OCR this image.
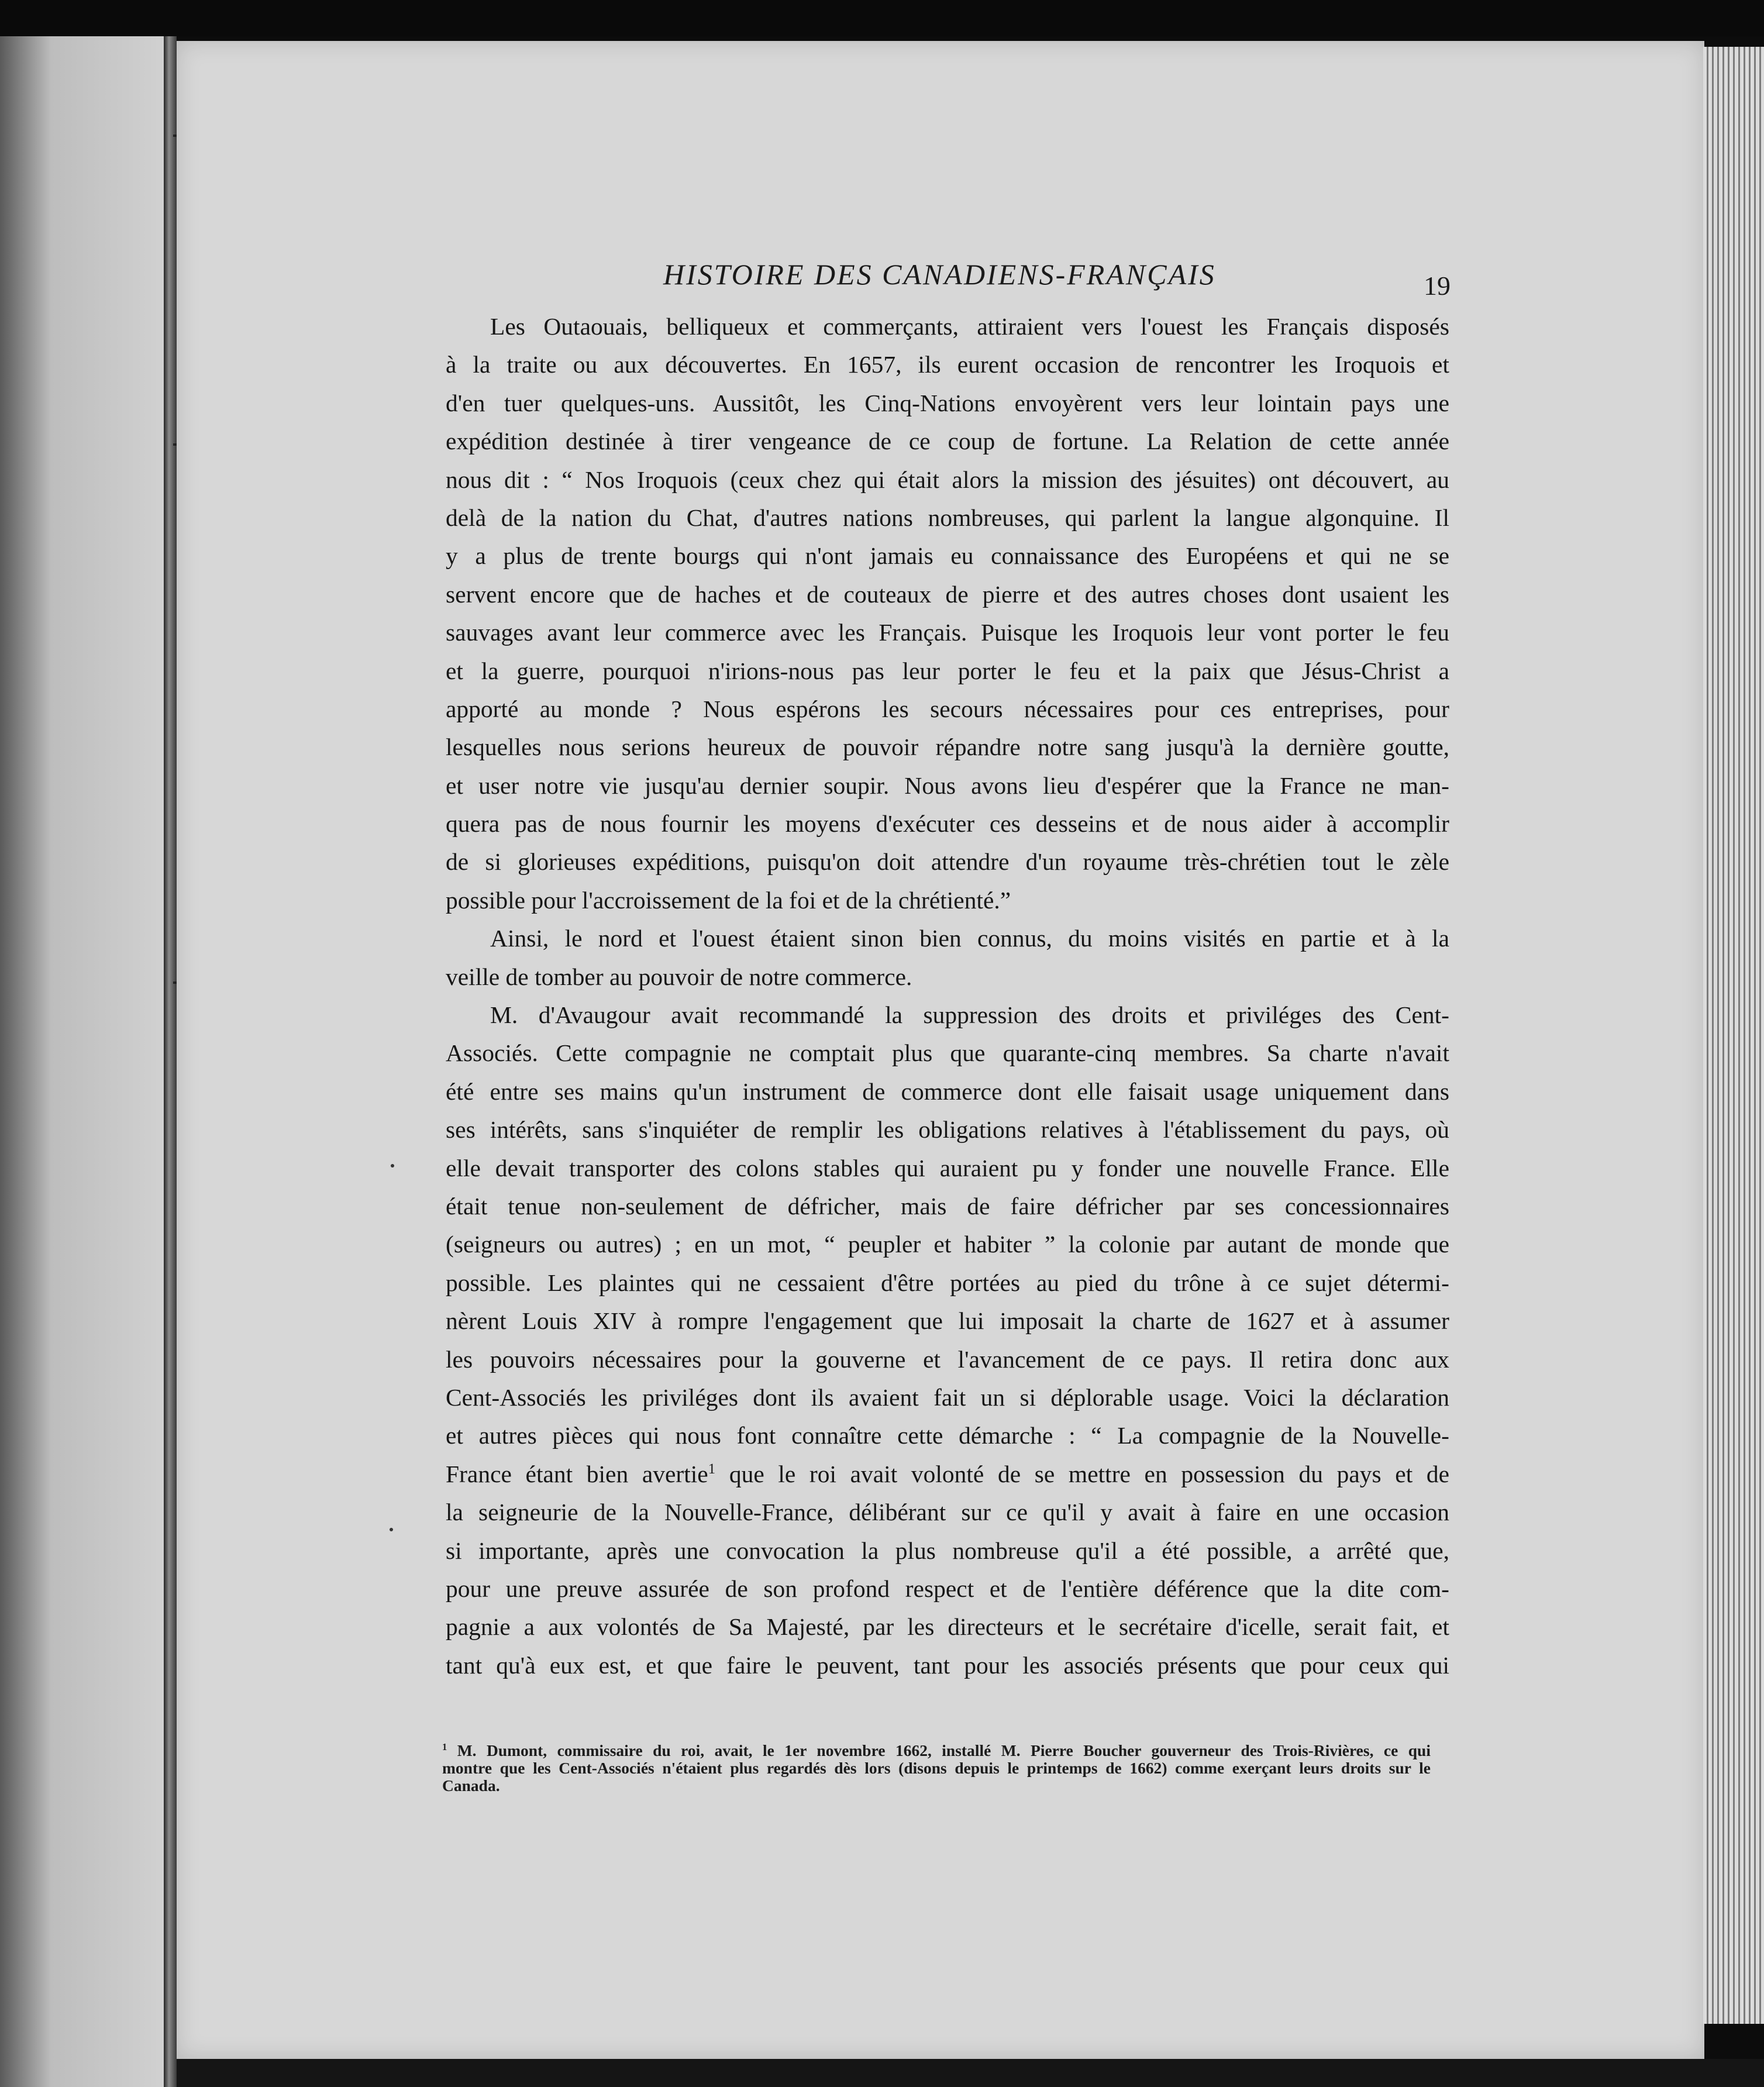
HISTOIRE DES CANADIENS-FRANÇAIS	19
Les Outaouais, belliqueux et commerçants, attiraient vers l'ouest les Français disposés
à la traite ou aux découvertes. En 1657, ils eurent occasion de rencontrer les Iroquois et
d'en tuer quelques-uns. Aussitôt, les Cinq-Nations envoyèrent vers leur lointain pays une
expédition destinée à tirer vengeance de ce coup de fortune. La Relation de cette année
nous dit : “ Nos Iroquois (ceux chez qui était alors la mission des jésuites) ont découvert, au
delà de la nation du Chat, d'autres nations nombreuses, qui parlent la langue algonquine. Il
y a plus de trente bourgs qui n'ont jamais eu connaissance des Européens et qui ne se
servent encore que de haches et de couteaux de pierre et des autres choses dont usaient les
sauvages avant leur commerce avec les Français. Puisque les Iroquois leur vont porter le feu
et la guerre, pourquoi n'irions-nous pas leur porter le feu et la paix que Jésus-Christ a
apporté au monde ? Nous espérons les secours nécessaires pour ces entreprises, pour
lesquelles nous serions heureux de pouvoir répandre notre sang jusqu'à la dernière goutte,
et user notre vie jusqu'au dernier soupir. Nous avons lieu d'espérer que la France ne man-
quera pas de nous fournir les moyens d'exécuter ces desseins et de nous aider à accomplir
de si glorieuses expéditions, puisqu'on doit attendre d'un royaume très-chrétien tout le zèle
possible pour l'accroissement de la foi et de la chrétienté.”
Ainsi, le nord et l'ouest étaient sinon bien connus, du moins visités en partie et à la
veille de tomber au pouvoir de notre commerce.
M. d'Avaugour avait recommandé la suppression des droits et priviléges des Cent-
Associés. Cette compagnie ne comptait plus que quarante-cinq membres. Sa charte n'avait
été entre ses mains qu'un instrument de commerce dont elle faisait usage uniquement dans
ses intérêts, sans s'inquiéter de remplir les obligations relatives à l'établissement du pays, où
elle devait transporter des colons stables qui auraient pu y fonder une nouvelle France. Elle
était tenue non-seulement de défricher, mais de faire défricher par ses concessionnaires
(seigneurs ou autres) ; en un mot, “ peupler et habiter ” la colonie par autant de monde que
possible. Les plaintes qui ne cessaient d'être portées au pied du trône à ce sujet détermi-
nèrent Louis XIV à rompre l'engagement que lui imposait la charte de 1627 et à assumer
les pouvoirs nécessaires pour la gouverne et l'avancement de ce pays. Il retira donc aux
Cent-Associés les priviléges dont ils avaient fait un si déplorable usage. Voici la déclaration
et autres pièces qui nous font connaître cette démarche : “ La compagnie de la Nouvelle-
France étant bien avertie$^1$ que le roi avait volonté de se mettre en possession du pays et de
la seigneurie de la Nouvelle-France, délibérant sur ce qu'il y avait à faire en une occasion
si importante, après une convocation la plus nombreuse qu'il a été possible, a arrêté que,
pour une preuve assurée de son profond respect et de l'entière déférence que la dite com-
pagnie a aux volontés de Sa Majesté, par les directeurs et le secrétaire d'icelle, serait fait, et
tant qu'à eux est, et que faire le peuvent, tant pour les associés présents que pour ceux qui
$^1$ M. Dumont, commissaire du roi, avait, le 1er novembre 1662, installé M. Pierre Boucher gouverneur des Trois-Rivières, ce qui
montre que les Cent-Associés n'étaient plus regardés dès lors (disons depuis le printemps de 1662) comme exerçant leurs droits sur le
Canada.
